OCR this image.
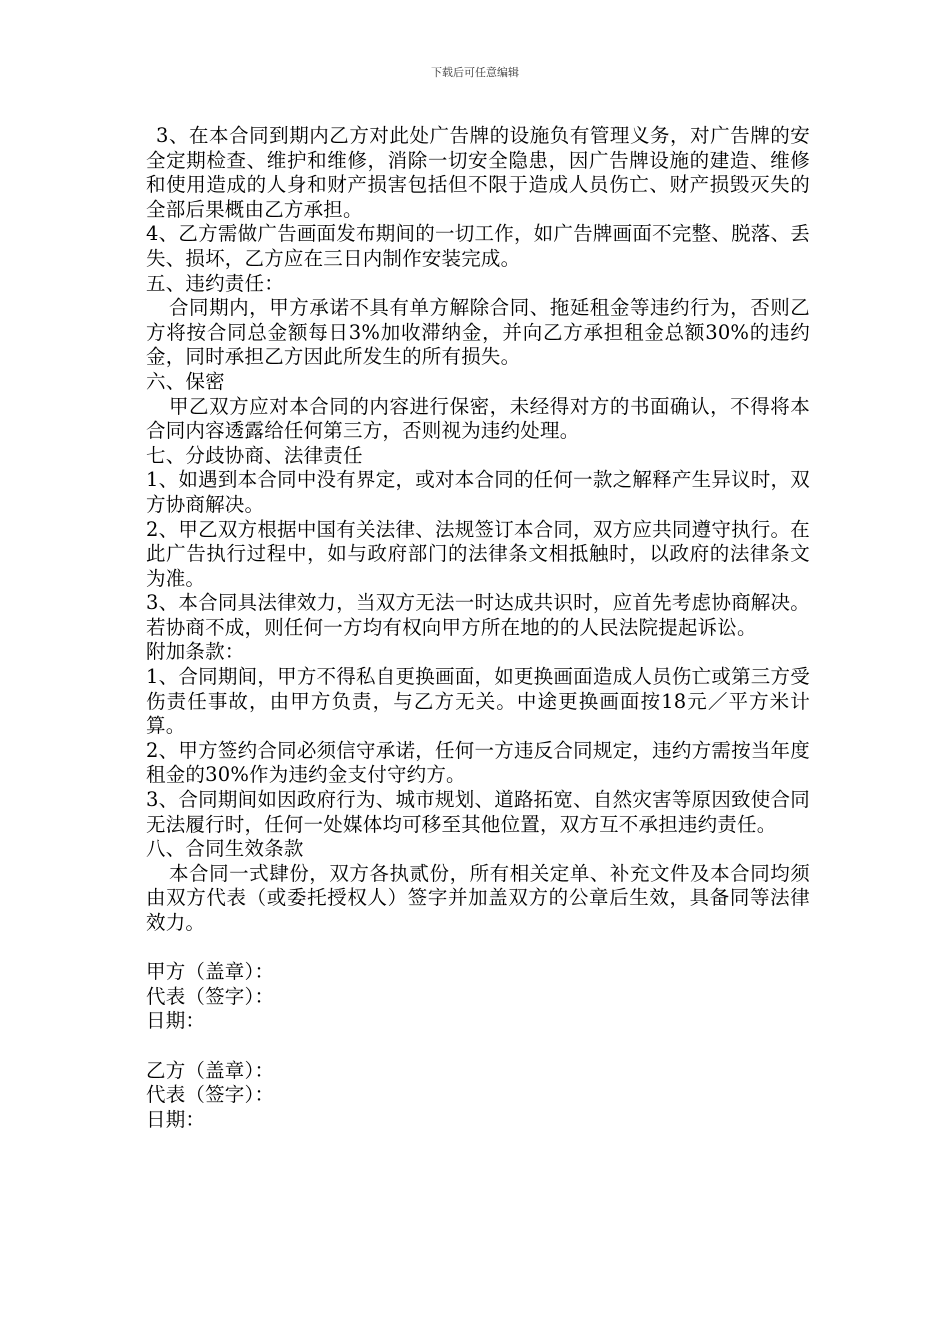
下载后可任意编辑

3、在本合同到期内乙方对此处广告牌的设施负有管理义务，对广告牌的安全定期检查、维护和维修，消除一切安全隐患，因广告牌设施的建造、维修和使用造成的人身和财产损害包括但不限于造成人员伤亡、财产损毁灭失的全部后果概由乙方承担。

4、乙方需做广告画面发布期间的一切工作，如广告牌画面不完整、脱落、丢失、损坏，乙方应在三日内制作安装完成。

五、违约责任：

合同期内，甲方承诺不具有单方解除合同、拖延租金等违约行为，否则乙方将按合同总金额每日3%加收滞纳金，并向乙方承担租金总额30%的违约金，同时承担乙方因此所发生的所有损失。

六、保密

甲乙双方应对本合同的内容进行保密，未经得对方的书面确认，不得将本合同内容透露给任何第三方，否则视为违约处理。

七、分歧协商、法律责任

1、如遇到本合同中没有界定，或对本合同的任何一款之解释产生异议时，双方协商解决。

2、甲乙双方根据中国有关法律、法规签订本合同，双方应共同遵守执行。在此广告执行过程中，如与政府部门的法律条文相抵触时，以政府的法律条文为准。

3、本合同具法律效力，当双方无法一时达成共识时，应首先考虑协商解决。若协商不成，则任何一方均有权向甲方所在地的的人民法院提起诉讼。

附加条款：

1、合同期间，甲方不得私自更换画面，如更换画面造成人员伤亡或第三方受伤责任事故，由甲方负责，与乙方无关。中途更换画面按18元／平方米计算。

2、甲方签约合同必须信守承诺，任何一方违反合同规定，违约方需按当年度租金的30%作为违约金支付守约方。

3、合同期间如因政府行为、城市规划、道路拓宽、自然灾害等原因致使合同无法履行时，任何一处媒体均可移至其他位置，双方互不承担违约责任。

八、合同生效条款

本合同一式肆份，双方各执贰份，所有相关定单、补充文件及本合同均须由双方代表（或委托授权人）签字并加盖双方的公章后生效，具备同等法律效力。

甲方（盖章）：

代表（签字）：

日期：

乙方（盖章）：

代表（签字）：

日期：
